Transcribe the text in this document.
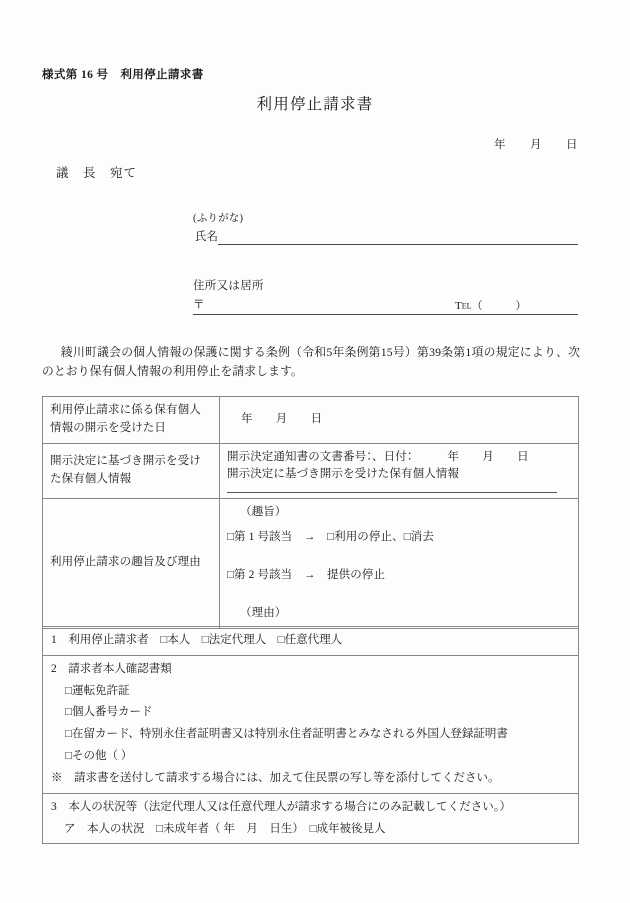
様式第 16 号　利用停止請求書
利用停止請求書
年　　月　　日
議　長　宛て
(ふりがな)
氏名
住所又は居所
〒	TEL（　　　）
綾川町議会の個人情報の保護に関する条例（令和5年条例第15号）第39条第1項の規定により、次のとおり保有個人情報の利用停止を請求します。
利用停止請求に係る保有個人情報の開示を受けた日	年　　月　　日
開示決定に基づき開示を受けた保有個人情報	開示決定通知書の文書番号：、日付：　　　年　　月　　日
開示決定に基づき開示を受けた保有個人情報

利用停止請求の趣旨及び理由	（趣旨）
□第 1 号該当　→　□利用の停止、□消去
□第 2 号該当　→　提供の停止
（理由）
1　利用停止請求者　□本人　□法定代理人　□任意代理人

2　請求者本人確認書類
□運転免許証
□個人番号カード
□在留カード、特別永住者証明書又は特別永住者証明書とみなされる外国人登録証明書
□その他（ ）
※　請求書を送付して請求する場合には、加えて住民票の写し等を添付してください。

3　本人の状況等（法定代理人又は任意代理人が請求する場合にのみ記載してください。）
ア　本人の状況　□未成年者（ 年　月　日生）　□成年被後見人
